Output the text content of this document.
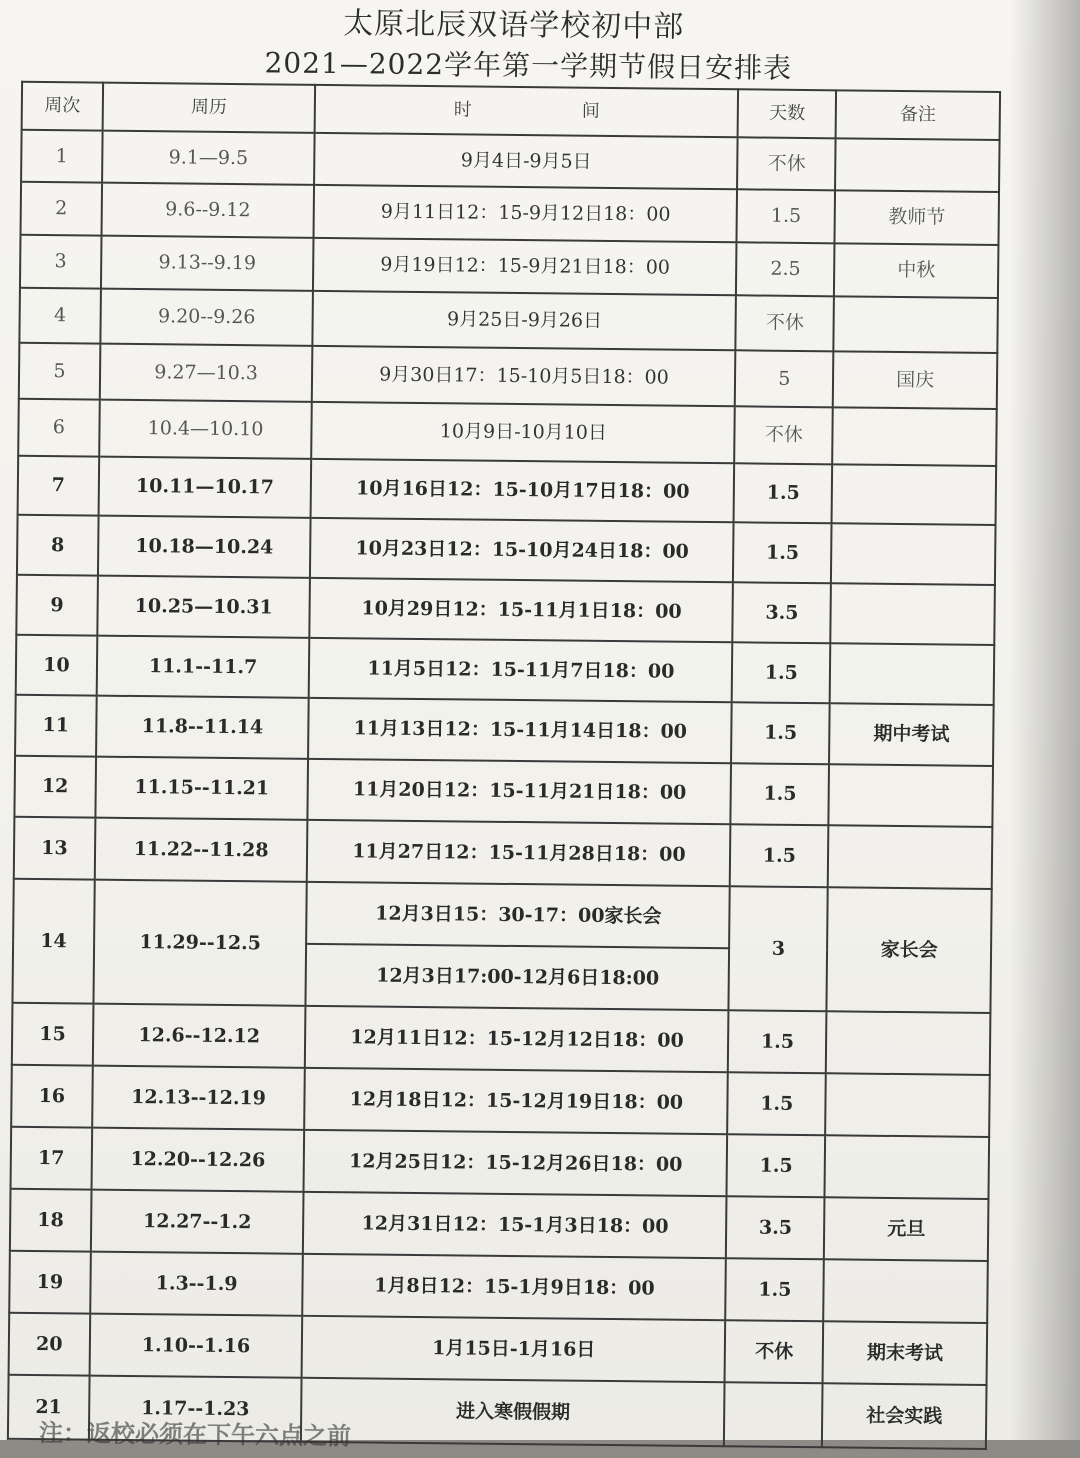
太原北辰双语学校初中部
2021—2022学年第一学期节假日安排表
周次	周历	时间	天数	备注
1	9.1—9.5	9月4日-9月5日	不休	
2	9.6--9.12	9月11日12：15-9月12日18：00	1.5	教师节
3	9.13--9.19	9月19日12：15-9月21日18：00	2.5	中秋
4	9.20--9.26	9月25日-9月26日	不休	
5	9.27—10.3	9月30日17：15-10月5日18：00	5	国庆
6	10.4—10.10	10月9日-10月10日	不休	
7	10.11—10.17	10月16日12：15-10月17日18：00	1.5	
8	10.18—10.24	10月23日12：15-10月24日18：00	1.5	
9	10.25—10.31	10月29日12：15-11月1日18：00	3.5	
10	11.1--11.7	11月5日12：15-11月7日18：00	1.5	
11	11.8--11.14	11月13日12：15-11月14日18：00	1.5	期中考试
12	11.15--11.21	11月20日12：15-11月21日18：00	1.5	
13	11.22--11.28	11月27日12：15-11月28日18：00	1.5	
14	11.29--12.5	12月3日15：30-17：00家长会	3	家长会
		12月3日17:00-12月6日18:00		
15	12.6--12.12	12月11日12：15-12月12日18：00	1.5	
16	12.13--12.19	12月18日12：15-12月19日18：00	1.5	
17	12.20--12.26	12月25日12：15-12月26日18：00	1.5	
18	12.27--1.2	12月31日12：15-1月3日18：00	3.5	元旦
19	1.3--1.9	1月8日12：15-1月9日18：00	1.5	
20	1.10--1.16	1月15日-1月16日	不休	期末考试
21	1.17--1.23	进入寒假假期		社会实践
注：返校必须在下午六点之前
